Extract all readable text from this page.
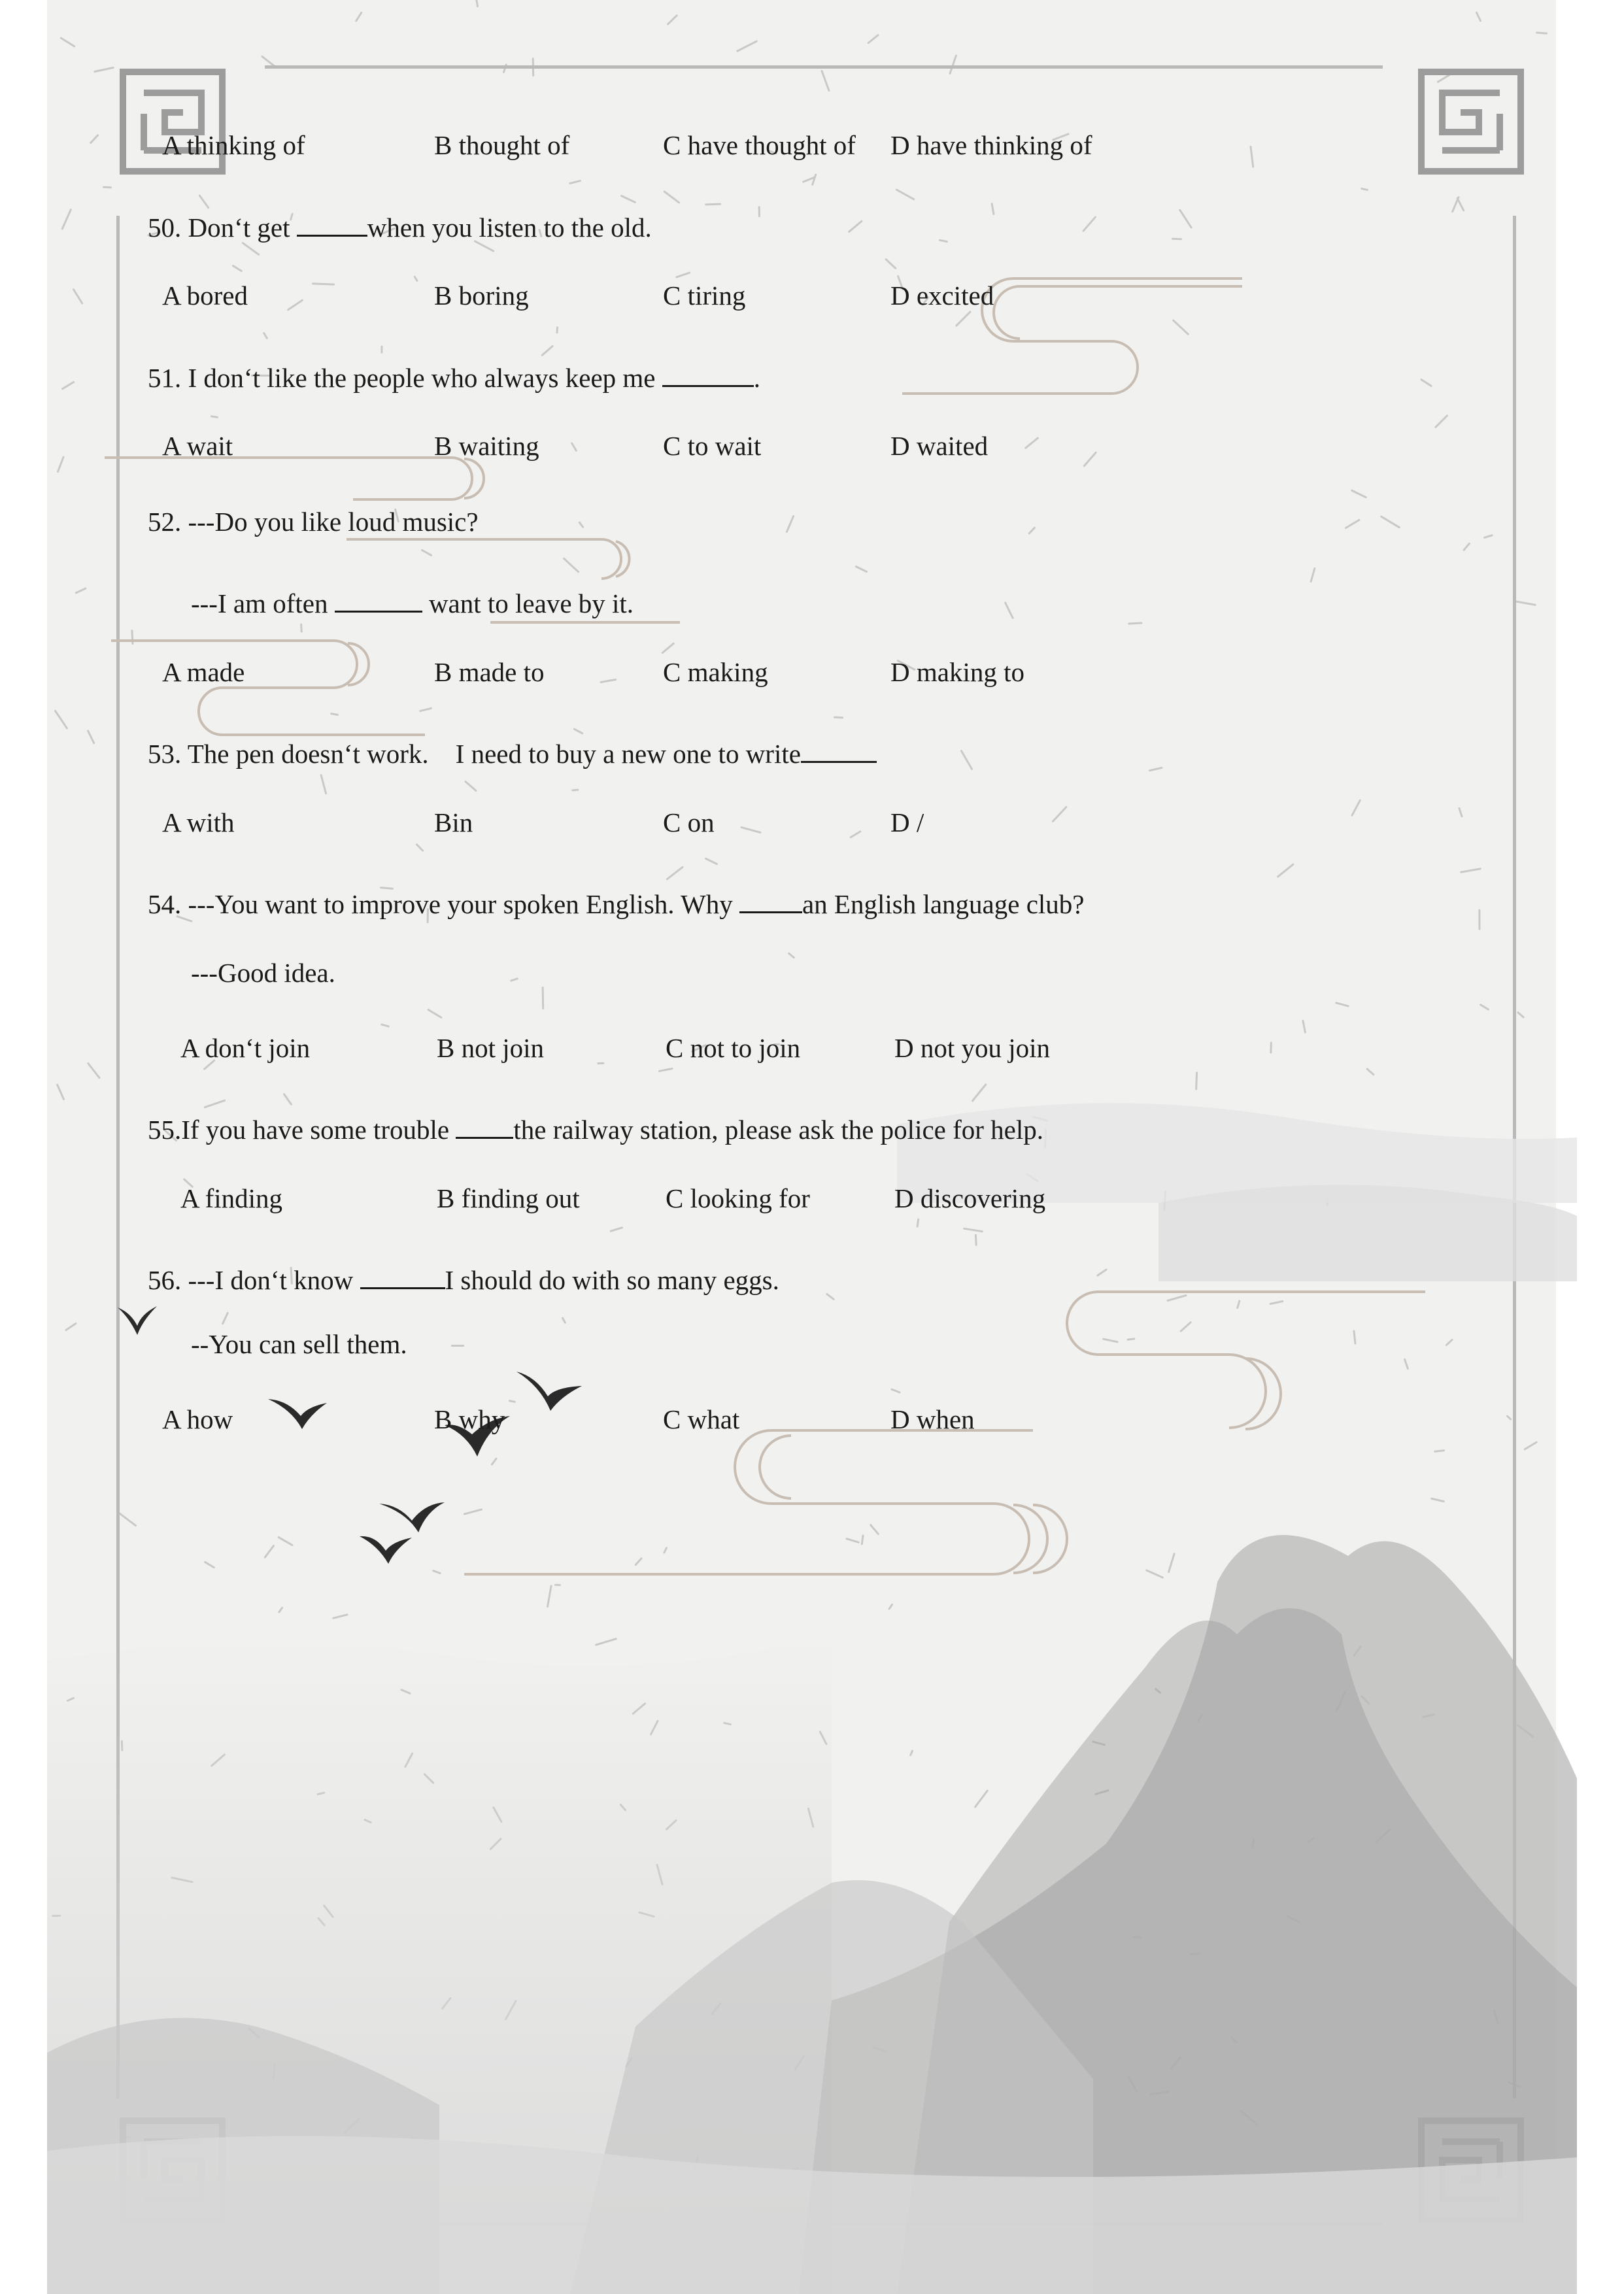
A thinking of	B thought of	C have thought of D have thinking of
50. Don‘t get	when you listen to the old.
A bored	B boring	C tiring	D excited
51. I don‘t like the people who always keep me	.
A wait	B waiting	C to wait	D waited
52. ---Do you like loud music?
---I am often	want to leave by it.
A made	B made to	C making	D making to
53. The pen doesn‘t work.    I need to buy a new one to write
A with	Bin	C on	D /
54. ---You want to improve your spoken English. Why an English language club?
---Good idea.
A don‘t join	B not join	C not to join	D not you join
55.If you have some trouble the railway station, please ask the police for help.
A finding	B finding out	C looking for	D discovering
56. ---I don‘t know	I should do with so many eggs.
--You can sell them.
A how	B why	C what	D when
